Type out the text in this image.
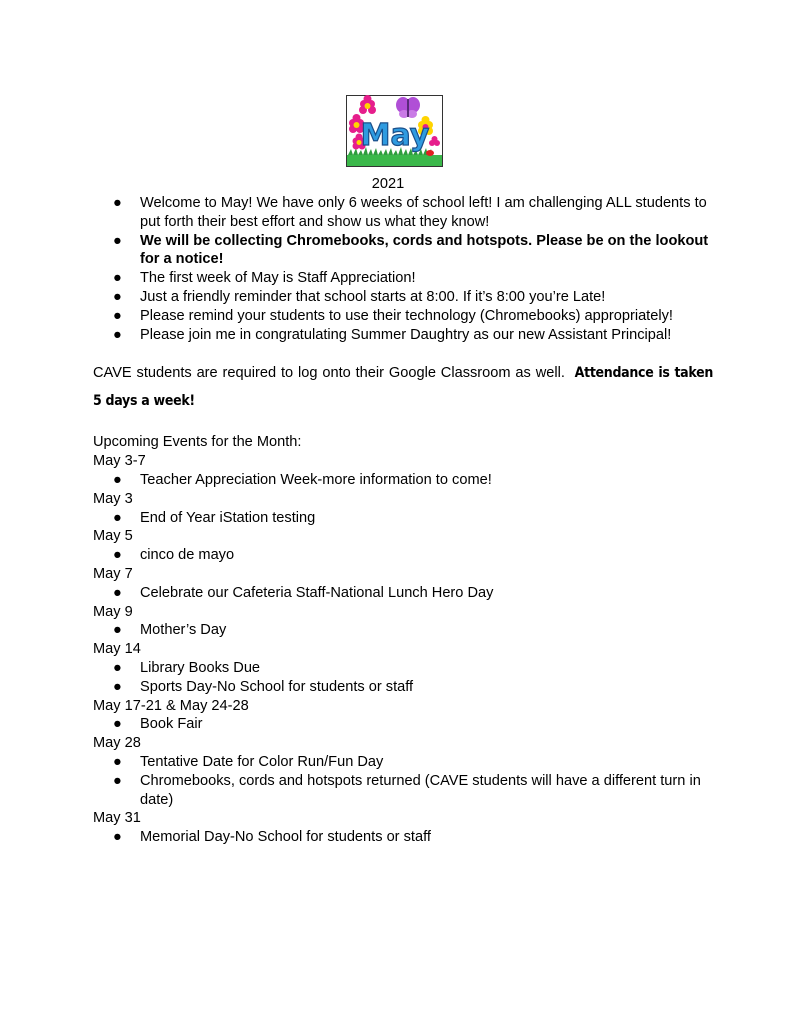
May
2021
● Welcome to May! We have only 6 weeks of school left! I am challenging ALL students to put forth their best effort and show us what they know!
● We will be collecting Chromebooks, cords and hotspots. Please be on the lookout for a notice!
● The first week of May is Staff Appreciation!
● Just a friendly reminder that school starts at 8:00. If it’s 8:00 you’re Late!
● Please remind your students to use their technology (Chromebooks) appropriately!
● Please join me in congratulating Summer Daughtry as our new Assistant Principal!

CAVE students are required to log onto their Google Classroom as well. Attendance is taken 5 days a week!

Upcoming Events for the Month:
May 3-7
● Teacher Appreciation Week-more information to come!
May 3
● End of Year iStation testing
May 5
● cinco de mayo
May 7
● Celebrate our Cafeteria Staff-National Lunch Hero Day
May 9
● Mother’s Day
May 14
● Library Books Due
● Sports Day-No School for students or staff
May 17-21 & May 24-28
● Book Fair
May 28
● Tentative Date for Color Run/Fun Day
● Chromebooks, cords and hotspots returned (CAVE students will have a different turn in date)
May 31
● Memorial Day-No School for students or staff
